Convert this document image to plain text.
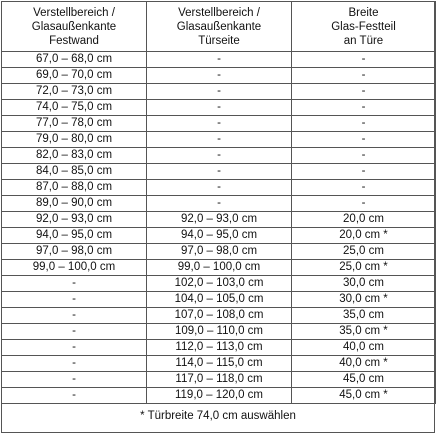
Verstellbereich /
Glasaußenkante
Festwand	Verstellbereich /
Glasaußenkante
Türseite	Breite
Glas-Festteil
an Türe

67,0 – 68,0 cm	-	-
69,0 – 70,0 cm	-	-
72,0 – 73,0 cm	-	-
74,0 – 75,0 cm	-	-
77,0 – 78,0 cm	-	-
79,0 – 80,0 cm	-	-
82,0 – 83,0 cm	-	-
84,0 – 85,0 cm	-	-
87,0 – 88,0 cm	-	-
89,0 – 90,0 cm	-	-
92,0 – 93,0 cm	92,0 – 93,0 cm	20,0 cm
94,0 – 95,0 cm	94,0 – 95,0 cm	20,0 cm *
97,0 – 98,0 cm	97,0 – 98,0 cm	25,0 cm
99,0 – 100,0 cm	99,0 – 100,0 cm	25,0 cm *
-	102,0 – 103,0 cm	30,0 cm
-	104,0 – 105,0 cm	30,0 cm *
-	107,0 – 108,0 cm	35,0 cm
-	109,0 – 110,0 cm	35,0 cm *
-	112,0 – 113,0 cm	40,0 cm
-	114,0 – 115,0 cm	40,0 cm *
-	117,0 – 118,0 cm	45,0 cm
-	119,0 – 120,0 cm	45,0 cm *
* Türbreite 74,0 cm auswählen
